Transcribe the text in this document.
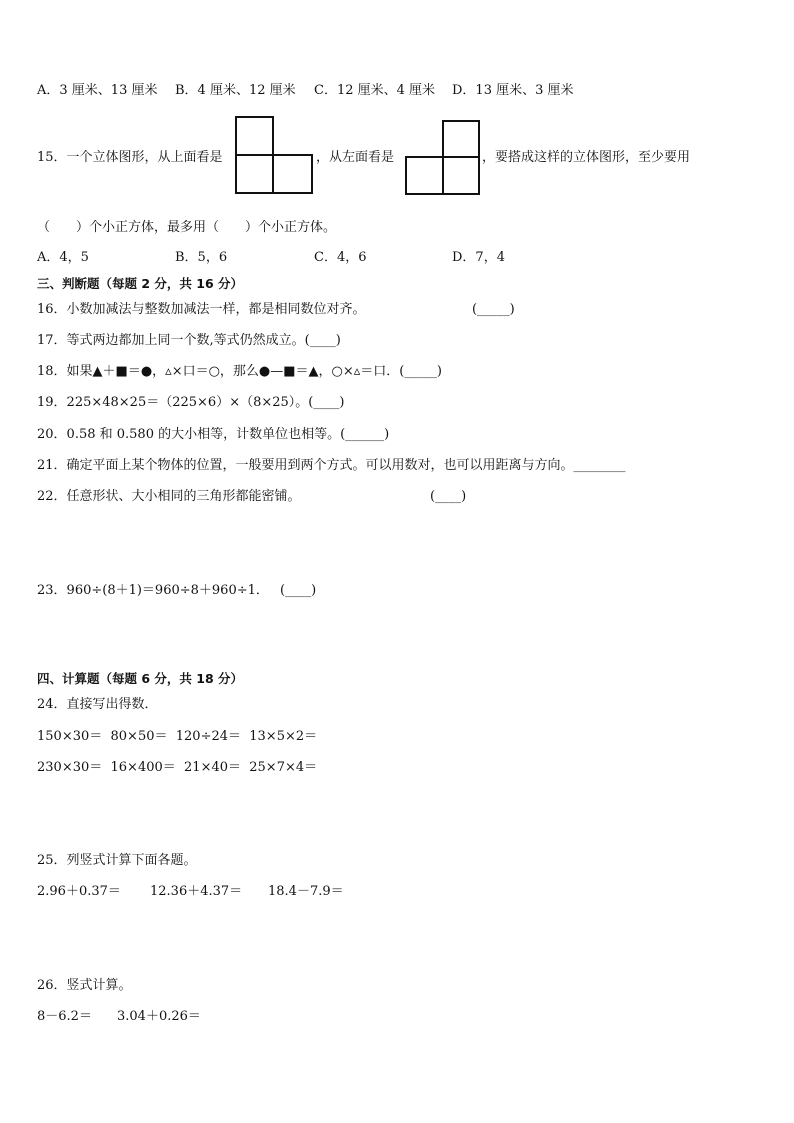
A．3 厘米、13 厘米 B．4 厘米、12 厘米 C．12 厘米、4 厘米 D．13 厘米、3 厘米
15．一个立体图形，从上面看是	，从左面看是	，要搭成这样的立体图形，至少要用
（　　）个小正方体，最多用（　　）个小正方体。
A．4，5	B．5，6	C．4，6	D．7，4
三、判断题（每题 2 分，共 16 分）
16．小数加减法与整数加减法一样，都是相同数位对齐。	(_____)
17．等式两边都加上同一个数,等式仍然成立。(____)
18．如果▲＋■＝●，▵×口＝○，那么●—■＝▲，○×▵＝口．(_____)
19．225×48×25＝（225×6）×（8×25）。(____)
20．0.58 和 0.580 的大小相等，计数单位也相等。(______)
21．确定平面上某个物体的位置，一般要用到两个方式。可以用数对，也可以用距离与方向。________
22．任意形状、大小相同的三角形都能密铺。	(____)
23．960÷(8＋1)＝960÷8＋960÷1． (____)
四、计算题（每题 6 分，共 18 分）
24．直接写出得数．
150×30＝  80×50＝  120÷24＝  13×5×2＝
230×30＝  16×400＝  21×40＝  25×7×4＝
25．列竖式计算下面各题。
2.96＋0.37＝ 12.36＋4.37＝ 18.4－7.9＝
26．竖式计算。
8－6.2＝ 3.04＋0.26＝
